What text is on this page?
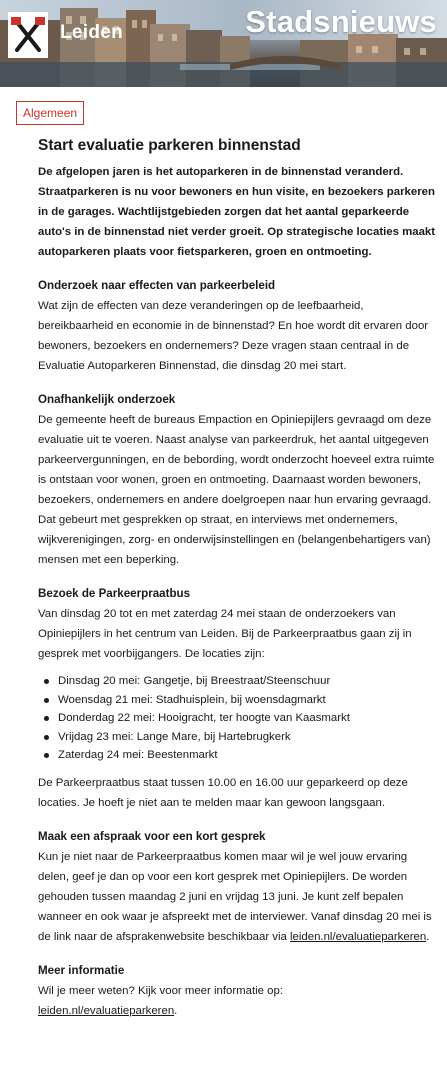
Leiden	Stadsnieuws
Algemeen
Start evaluatie parkeren binnenstad

De afgelopen jaren is het autoparkeren in de binnenstad veranderd. Straatparkeren is nu voor bewoners en hun visite, en bezoekers parkeren in de garages. Wachtlijstgebieden zorgen dat het aantal geparkeerde auto's in de binnenstad niet verder groeit. Op strategische locaties maakt autoparkeren plaats voor fietsparkeren, groen en ontmoeting.

Onderzoek naar effecten van parkeerbeleid

Wat zijn de effecten van deze veranderingen op de leefbaarheid, bereikbaarheid en economie in de binnenstad? En hoe wordt dit ervaren door bewoners, bezoekers en ondernemers? Deze vragen staan centraal in de Evaluatie Autoparkeren Binnenstad, die dinsdag 20 mei start.

Onafhankelijk onderzoek

De gemeente heeft de bureaus Empaction en Opiniepijlers gevraagd om deze evaluatie uit te voeren. Naast analyse van parkeerdruk, het aantal uitgegeven parkeervergunningen, en de bebording, wordt onderzocht hoeveel extra ruimte is ontstaan voor wonen, groen en ontmoeting. Daarnaast worden bewoners, bezoekers, ondernemers en andere doelgroepen naar hun ervaring gevraagd. Dat gebeurt met gesprekken op straat, en interviews met ondernemers, wijkverenigingen, zorg- en onderwijsinstellingen en (belangenbehartigers van) mensen met een beperking.

Bezoek de Parkeerpraatbus

Van dinsdag 20 tot en met zaterdag 24 mei staan de onderzoekers van Opiniepijlers in het centrum van Leiden. Bij de Parkeerpraatbus gaan zij in gesprek met voorbijgangers. De locaties zijn:

Dinsdag 20 mei: Gangetje, bij Breestraat/Steenschuur
Woensdag 21 mei: Stadhuisplein, bij woensdagmarkt
Donderdag 22 mei: Hooigracht, ter hoogte van Kaasmarkt
Vrijdag 23 mei: Lange Mare, bij Hartebrugkerk
Zaterdag 24 mei: Beestenmarkt

De Parkeerpraatbus staat tussen 10.00 en 16.00 uur geparkeerd op deze locaties. Je hoeft je niet aan te melden maar kan gewoon langsgaan.

Maak een afspraak voor een kort gesprek

Kun je niet naar de Parkeerpraatbus komen maar wil je wel jouw ervaring delen, geef je dan op voor een kort gesprek met Opiniepijlers. De worden gehouden tussen maandag 2 juni en vrijdag 13 juni. Je kunt zelf bepalen wanneer en ook waar je afspreekt met de interviewer. Vanaf dinsdag 20 mei is de link naar de afsprakenwebsite beschikbaar via leiden.nl/evaluatieparkeren.

Meer informatie

Wil je meer weten? Kijk voor meer informatie op:
leiden.nl/evaluatieparkeren.
